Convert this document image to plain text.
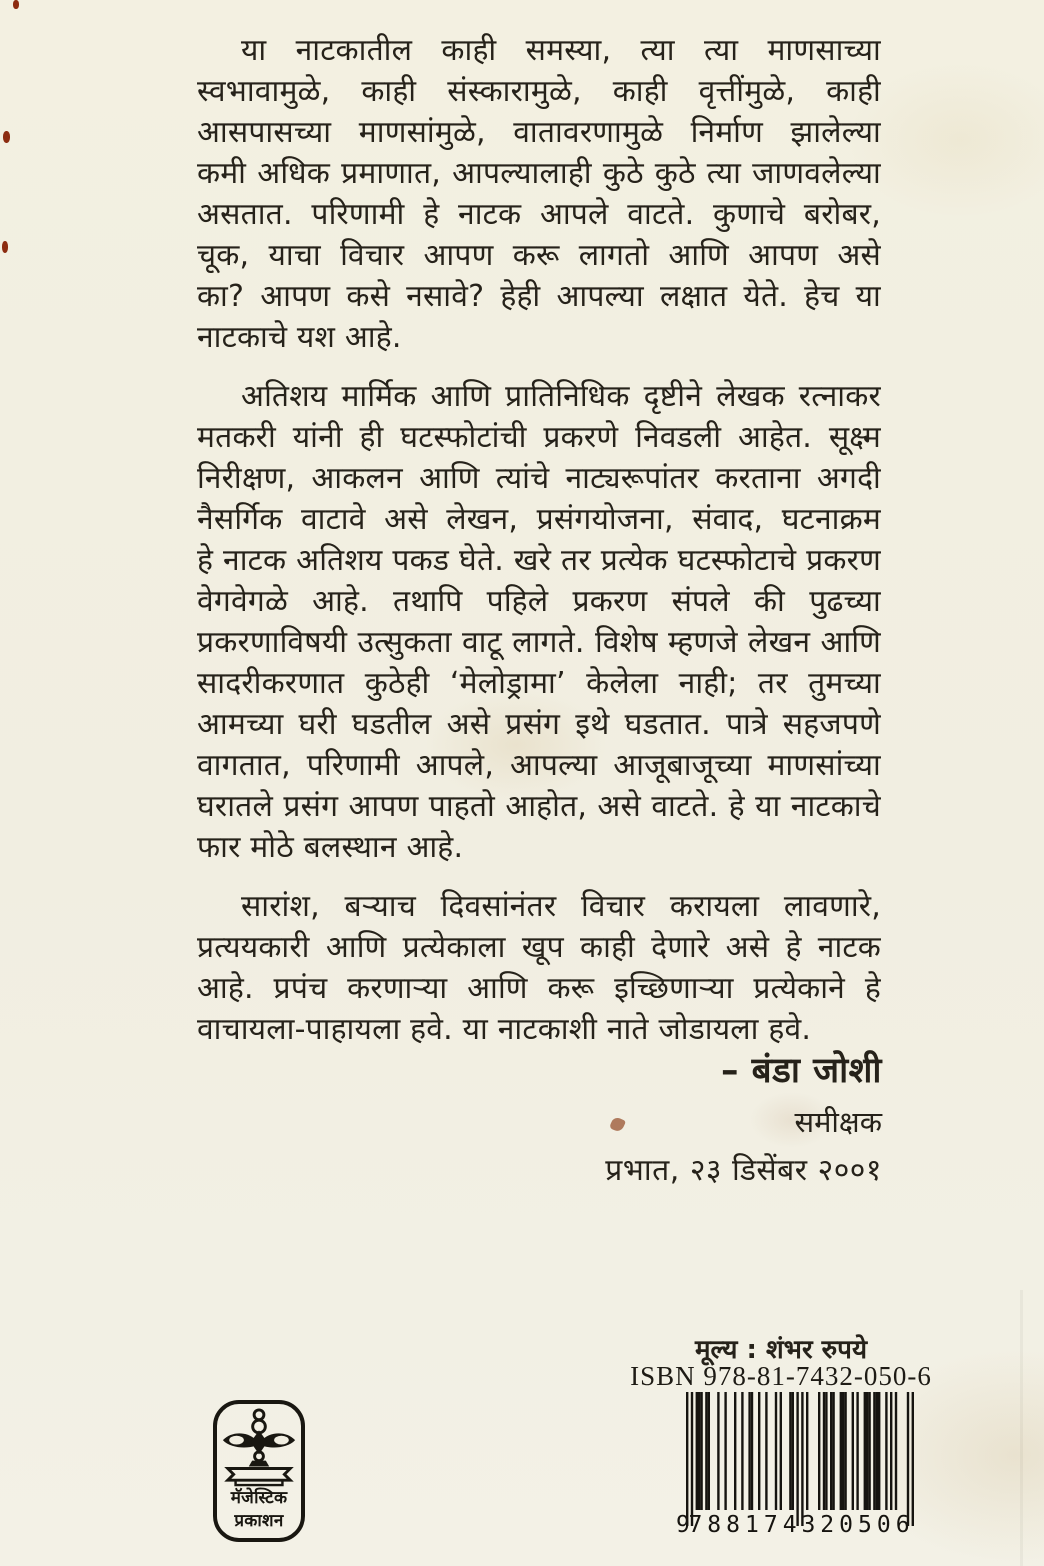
या नाटकातील काही समस्या, त्या त्या माणसाच्या
स्वभावामुळे, काही संस्कारामुळे, काही वृत्तींमुळे, काही
आसपासच्या माणसांमुळे, वातावरणामुळे निर्माण झालेल्या
कमी अधिक प्रमाणात, आपल्यालाही कुठे कुठे त्या जाणवलेल्या
असतात. परिणामी हे नाटक आपले वाटते. कुणाचे बरोबर,
चूक, याचा विचार आपण करू लागतो आणि आपण असे
का? आपण कसे नसावे? हेही आपल्या लक्षात येते. हेच या
नाटकाचे यश आहे.
अतिशय मार्मिक आणि प्रातिनिधिक दृष्टीने लेखक रत्नाकर
मतकरी यांनी ही घटस्फोटांची प्रकरणे निवडली आहेत. सूक्ष्म
निरीक्षण, आकलन आणि त्यांचे नाट्यरूपांतर करताना अगदी
नैसर्गिक वाटावे असे लेखन, प्रसंगयोजना, संवाद, घटनाक्रम
हे नाटक अतिशय पकड घेते. खरे तर प्रत्येक घटस्फोटाचे प्रकरण
वेगवेगळे आहे. तथापि पहिले प्रकरण संपले की पुढच्या
प्रकरणाविषयी उत्सुकता वाटू लागते. विशेष म्हणजे लेखन आणि
सादरीकरणात कुठेही ‘मेलोड्रामा’ केलेला नाही; तर तुमच्या
आमच्या घरी घडतील असे प्रसंग इथे घडतात. पात्रे सहजपणे
वागतात, परिणामी आपले, आपल्या आजूबाजूच्या माणसांच्या
घरातले प्रसंग आपण पाहतो आहोत, असे वाटते. हे या नाटकाचे
फार मोठे बलस्थान आहे.
सारांश, बऱ्याच दिवसांनंतर विचार करायला लावणारे,
प्रत्ययकारी आणि प्रत्येकाला खूप काही देणारे असे हे नाटक
आहे. प्रपंच करणाऱ्या आणि करू इच्छिणाऱ्या प्रत्येकाने हे
वाचायला-पाहायला हवे. या नाटकाशी नाते जोडायला हवे.
– बंडा जोशी
समीक्षक
प्रभात, २३ डिसेंबर २००१
मूल्य : शंभर रुपये
ISBN 978-81-7432-050-6
9
788174 320506
मॅजेस्टिक
प्रकाशन
